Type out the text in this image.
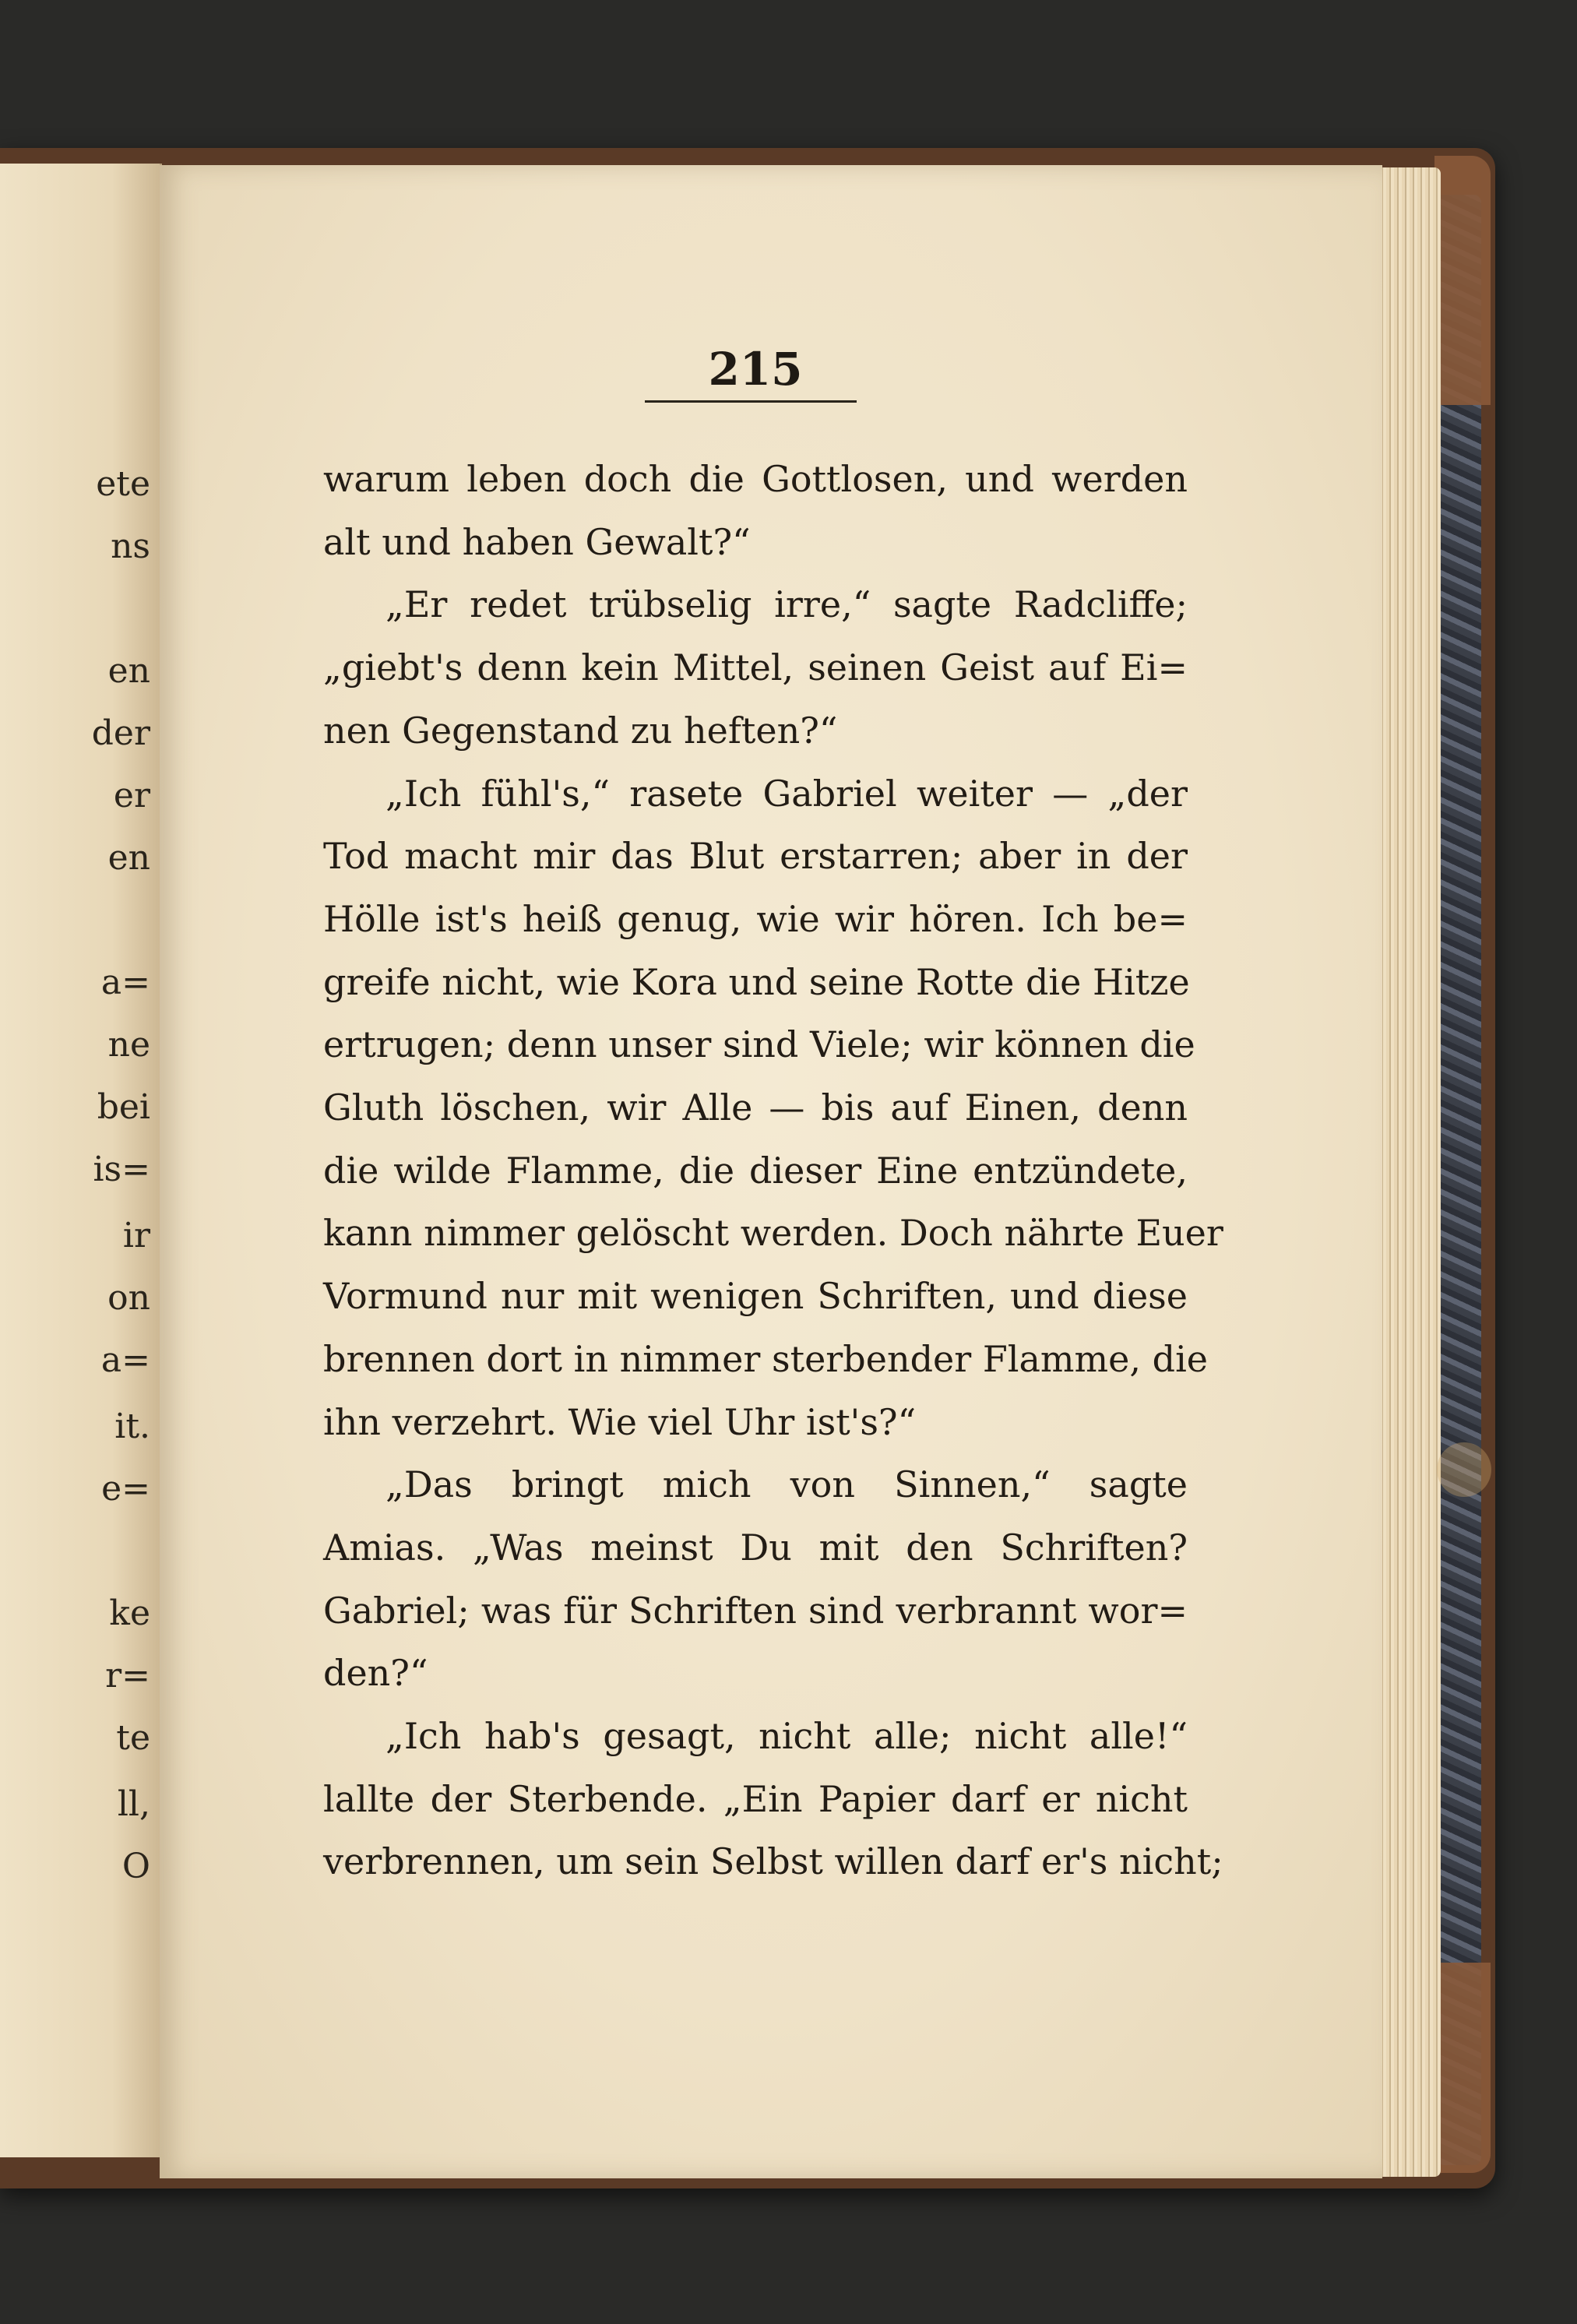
ete
ns
en
der
er
en
a=
ne
bei
is=
ir
on
a=
it.
e=
ke
r=
te
ll,
O
215
warum leben doch die Gottlosen, und werden
alt und haben Gewalt?“
„Er redet trübselig irre,“ sagte Radcliffe;
„giebt's denn kein Mittel, seinen Geist auf Ei=
nen Gegenstand zu heften?“
„Ich fühl's,“ rasete Gabriel weiter — „der
Tod macht mir das Blut erstarren; aber in der
Hölle ist's heiß genug, wie wir hören. Ich be=
greife nicht, wie Kora und seine Rotte die Hitze
ertrugen; denn unser sind Viele; wir können die
Gluth löschen, wir Alle — bis auf Einen, denn
die wilde Flamme, die dieser Eine entzündete,
kann nimmer gelöscht werden. Doch nährte Euer
Vormund nur mit wenigen Schriften, und diese
brennen dort in nimmer sterbender Flamme, die
ihn verzehrt. Wie viel Uhr ist's?“
„Das bringt mich von Sinnen,“ sagte
Amias. „Was meinst Du mit den Schriften?
Gabriel; was für Schriften sind verbrannt wor=
den?“
„Ich hab's gesagt, nicht alle; nicht alle!“
lallte der Sterbende. „Ein Papier darf er nicht
verbrennen, um sein Selbst willen darf er's nicht;
